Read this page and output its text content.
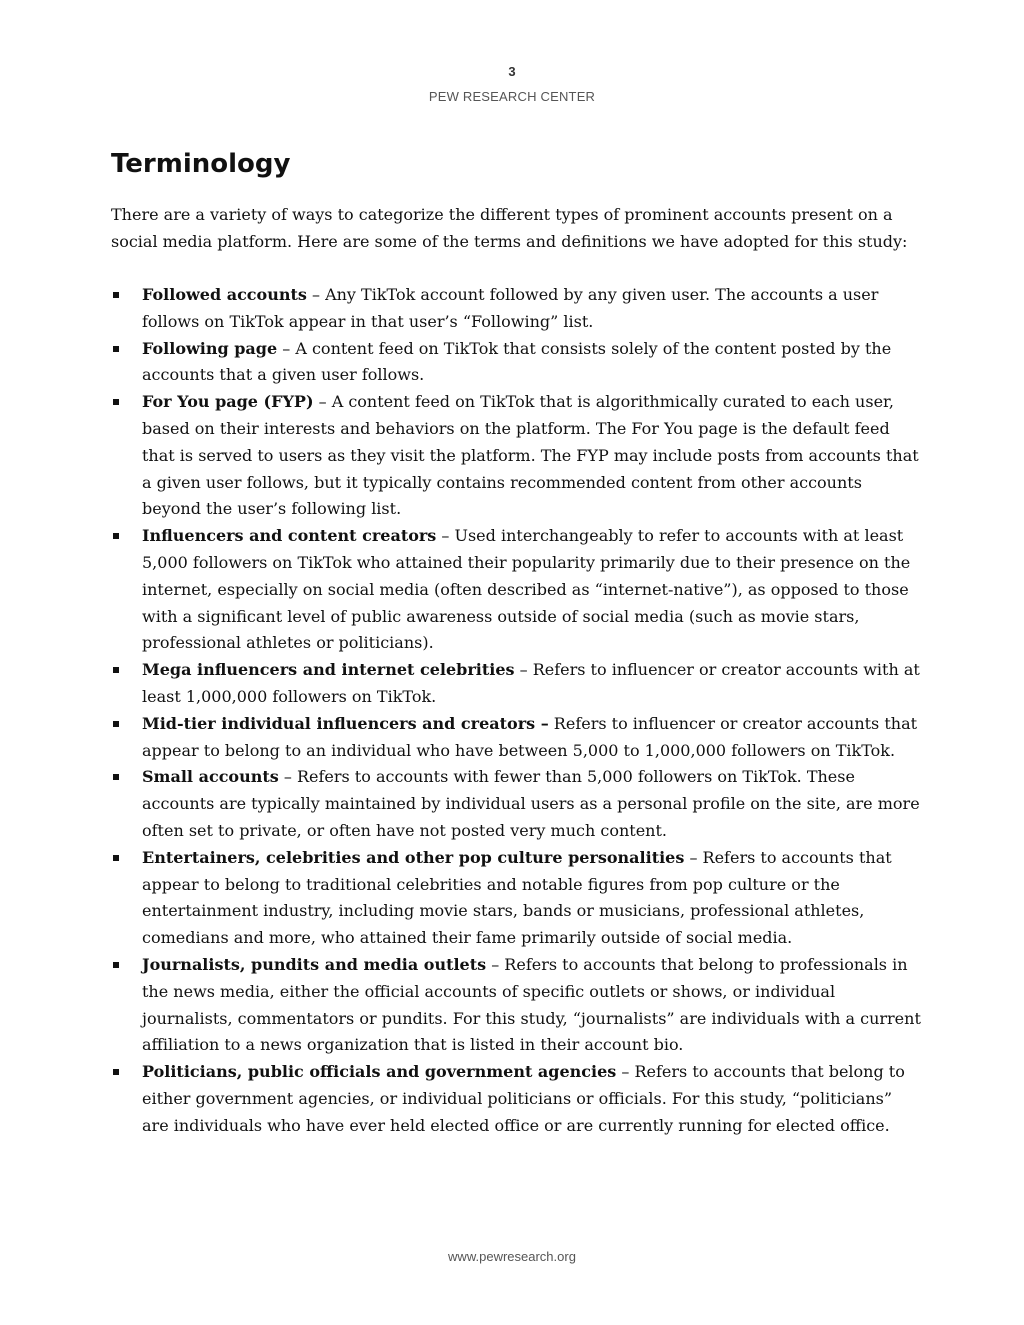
3
PEW RESEARCH CENTER
Terminology

There are a variety of ways to categorize the different types of prominent accounts present on a social media platform. Here are some of the terms and definitions we have adopted for this study:

Followed accounts – Any TikTok account followed by any given user. The accounts a user follows on TikTok appear in that user’s “Following” list.
Following page – A content feed on TikTok that consists solely of the content posted by the accounts that a given user follows.
For You page (FYP) – A content feed on TikTok that is algorithmically curated to each user, based on their interests and behaviors on the platform. The For You page is the default feed that is served to users as they visit the platform. The FYP may include posts from accounts that a given user follows, but it typically contains recommended content from other accounts beyond the user’s following list.
Influencers and content creators – Used interchangeably to refer to accounts with at least 5,000 followers on TikTok who attained their popularity primarily due to their presence on the internet, especially on social media (often described as “internet-native”), as opposed to those with a significant level of public awareness outside of social media (such as movie stars, professional athletes or politicians).
Mega influencers and internet celebrities – Refers to influencer or creator accounts with at least 1,000,000 followers on TikTok.
Mid-tier individual influencers and creators – Refers to influencer or creator accounts that appear to belong to an individual who have between 5,000 to 1,000,000 followers on TikTok.
Small accounts – Refers to accounts with fewer than 5,000 followers on TikTok. These accounts are typically maintained by individual users as a personal profile on the site, are more often set to private, or often have not posted very much content.
Entertainers, celebrities and other pop culture personalities – Refers to accounts that appear to belong to traditional celebrities and notable figures from pop culture or the entertainment industry, including movie stars, bands or musicians, professional athletes, comedians and more, who attained their fame primarily outside of social media.
Journalists, pundits and media outlets – Refers to accounts that belong to professionals in the news media, either the official accounts of specific outlets or shows, or individual journalists, commentators or pundits. For this study, “journalists” are individuals with a current affiliation to a news organization that is listed in their account bio.
Politicians, public officials and government agencies – Refers to accounts that belong to either government agencies, or individual politicians or officials. For this study, “politicians” are individuals who have ever held elected office or are currently running for elected office.
www.pewresearch.org
